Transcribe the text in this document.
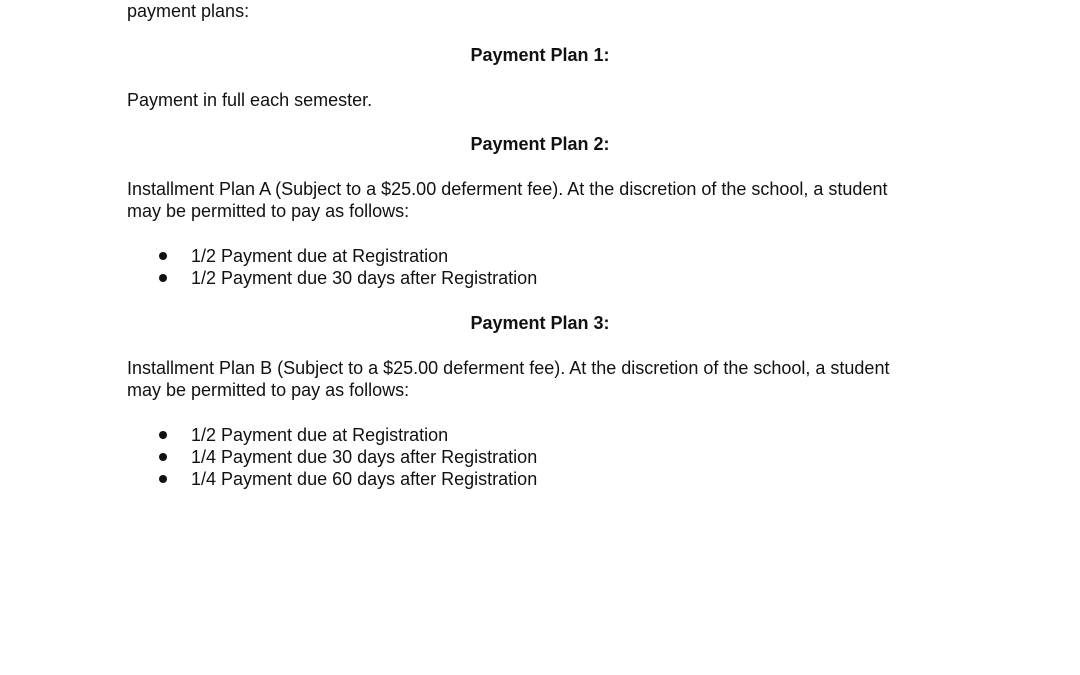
payment plans:

Payment Plan 1:

Payment in full each semester.

Payment Plan 2:

Installment Plan A (Subject to a $25.00 deferment fee). At the discretion of the school, a student

may be permitted to pay as follows:

1/2 Payment due at Registration
1/2 Payment due 30 days after Registration

Payment Plan 3:

Installment Plan B (Subject to a $25.00 deferment fee). At the discretion of the school, a student

may be permitted to pay as follows:

1/2 Payment due at Registration
1/4 Payment due 30 days after Registration
1/4 Payment due 60 days after Registration
